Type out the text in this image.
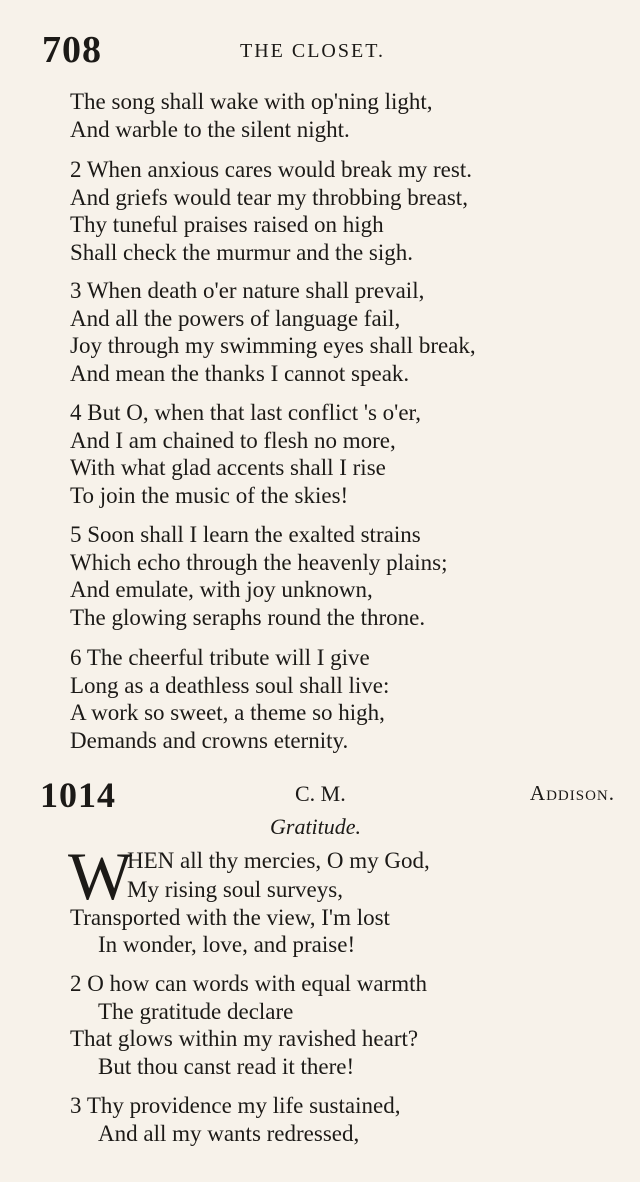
708	THE CLOSET.
The song shall wake with op'ning light,
And warble to the silent night.
2 When anxious cares would break my rest.
And griefs would tear my throbbing breast,
Thy tuneful praises raised on high
Shall check the murmur and the sigh.
3 When death o'er nature shall prevail,
And all the powers of language fail,
Joy through my swimming eyes shall break,
And mean the thanks I cannot speak.
4 But O, when that last conflict 's o'er,
And I am chained to flesh no more,
With what glad accents shall I rise
To join the music of the skies!
5 Soon shall I learn the exalted strains
Which echo through the heavenly plains;
And emulate, with joy unknown,
The glowing seraphs round the throne.
6 The cheerful tribute will I give
Long as a deathless soul shall live:
A work so sweet, a theme so high,
Demands and crowns eternity.
1014	C. M.	Addison.
Gratitude.
W
HEN all thy mercies, O my God,
My rising soul surveys,
Transported with the view, I'm lost
In wonder, love, and praise!
2 O how can words with equal warmth
The gratitude declare
That glows within my ravished heart?
But thou canst read it there!
3 Thy providence my life sustained,
And all my wants redressed,
